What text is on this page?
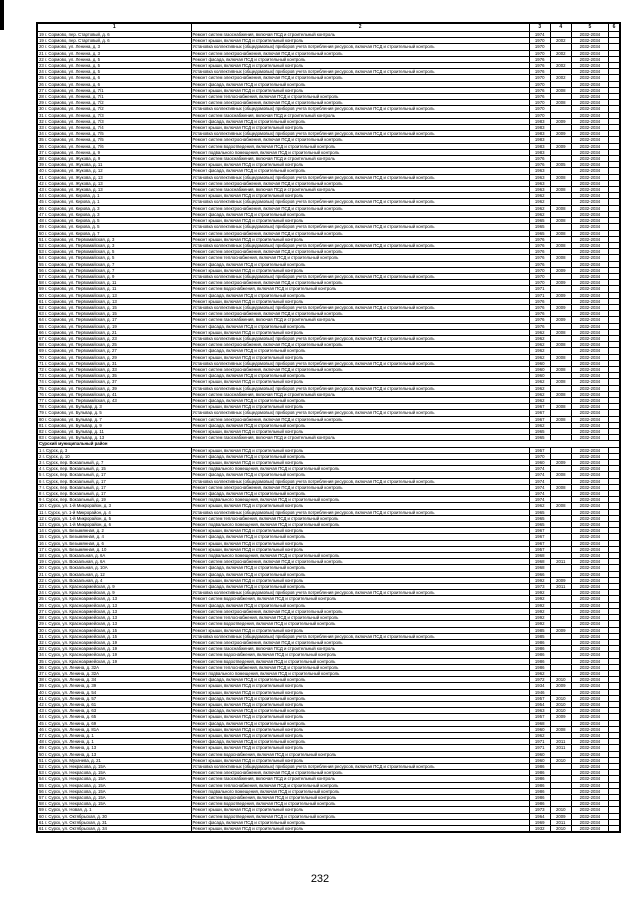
1	2	3	4	5	6
19 г. Сормово, пер. Стартовый, д. 6	Ремонт систем газоснабжения, включая ПСД и строительный контроль	1974		2032-2034	
19 г. Сормово, пер. Стартовый, д. 6	Ремонт крыши, включая ПСД и строительный контроль	1970	2002	2032-2034	
20 г. Сормово, ул. Ленина, д. 3	Установка коллективных (общедомовых) приборов учета потребления ресурсов, включая ПСД и строительный контроль	1970		2032-2034	
21 г. Сормово, ул. Ленина, д. 3	Ремонт систем электроснабжения, включая ПСД и строительный контроль	1970	2002	2032-2034	
22 г. Сормово, ул. Ленина, д. 5	Ремонт фасада, включая ПСД и строительный контроль	1976		2032-2034	
23 г. Сормово, ул. Ленина, д. 5	Ремонт крыши, включая ПСД и строительный контроль	1976	2002	2032-2034	
24 г. Сормово, ул. Ленина, д. 5	Установка коллективных (общедомовых) приборов учета потребления ресурсов, включая ПСД и строительный контроль	1976		2032-2034	
25 г. Сормово, ул. Ленина, д. 6	Ремонт систем электроснабжения, включая ПСД и строительный контроль	1970	2002	2032-2034	
26 г. Сормово, ул. Ленина, д. 6	Ремонт фасада, включая ПСД и строительный контроль	1970		2032-2034	
27 г. Сормово, ул. Ленина, д. 7/1	Ремонт крыши, включая ПСД и строительный контроль	1976	2008	2032-2034	
28 г. Сормово, ул. Ленина, д. 7/1	Ремонт систем теплоснабжения, включая ПСД и строительный контроль	1976		2032-2034	
29 г. Сормово, ул. Ленина, д. 7/2	Ремонт систем электроснабжения, включая ПСД и строительный контроль	1970	2008	2032-2034	
30 г. Сормово, ул. Ленина, д. 7/2	Установка коллективных (общедомовых) приборов учета потребления ресурсов, включая ПСД и строительный контроль	1970		2032-2034	
31 г. Сормово, ул. Ленина, д. 7/3	Ремонт систем газоснабжения, включая ПСД и строительный контроль	1970		2032-2034	
32 г. Сормово, ул. Ленина, д. 7/3	Ремонт фасада, включая ПСД и строительный контроль	1983	2009	2032-2034	
33 г. Сормово, ул. Ленина, д. 7/4	Ремонт крыши, включая ПСД и строительный контроль	1983		2032-2034	
34 г. Сормово, ул. Ленина, д. 7/5	Установка коллективных (общедомовых) приборов учета потребления ресурсов, включая ПСД и строительный контроль	1983	2009	2032-2034	
35 г. Сормово, ул. Ленина, д. 7/5	Ремонт систем электроснабжения, включая ПСД и строительный контроль	1983		2032-2034	
36 г. Сормово, ул. Ленина, д. 7/6	Ремонт систем водоотведения, включая ПСД и строительный контроль	1983	2009	2032-2034	
37 г. Сормово, ул. Ленина, д. 9	Ремонт подвального помещения, включая ПСД и строительный контроль	1983		2032-2034	
38 г. Сормово, ул. Жукова, д. 9	Ремонт систем газоснабжения, включая ПСД и строительный контроль	1976		2032-2034	
39 г. Сормово, ул. Жукова, д. 11	Ремонт крыши, включая ПСД и строительный контроль	1976	2005	2032-2034	
40 г. Сормово, ул. Жукова, д. 12	Ремонт фасада, включая ПСД и строительный контроль	1963		2032-2034	
41 г. Сормово, ул. Жукова, д. 13	Установка коллективных (общедомовых) приборов учета потребления ресурсов, включая ПСД и строительный контроль	1963	2008	2032-2034	
42 г. Сормово, ул. Жукова, д. 13	Ремонт систем электроснабжения, включая ПСД и строительный контроль	1963		2032-2034	
43 г. Сормово, ул. Жукова, д. 13	Ремонт систем газоснабжения, включая ПСД и строительный контроль	1963	2008	2032-2034	
44 г. Сормово, ул. Кирова, д. 1	Ремонт крыши, включая ПСД и строительный контроль	1962		2032-2034	
45 г. Сормово, ул. Кирова, д. 1	Установка коллективных (общедомовых) приборов учета потребления ресурсов, включая ПСД и строительный контроль	1962		2032-2034	
46 г. Сормово, ул. Кирова, д. 3	Ремонт систем электроснабжения, включая ПСД и строительный контроль	1962	2008	2032-2034	
47 г. Сормово, ул. Кирова, д. 3	Ремонт фасада, включая ПСД и строительный контроль	1962		2032-2034	
48 г. Сормово, ул. Кирова, д. 5	Ремонт крыши, включая ПСД и строительный контроль	1965	2008	2032-2034	
49 г. Сормово, ул. Кирова, д. 5	Установка коллективных (общедомовых) приборов учета потребления ресурсов, включая ПСД и строительный контроль	1965		2032-2034	
50 г. Сормово, ул. Кирова, д. 7	Ремонт систем электроснабжения, включая ПСД и строительный контроль	1965	2008	2032-2034	
51 г. Сормово, ул. Первомайская, д. 3	Ремонт крыши, включая ПСД и строительный контроль	1976		2032-2034	
52 г. Сормово, ул. Первомайская, д. 3	Установка коллективных (общедомовых) приборов учета потребления ресурсов, включая ПСД и строительный контроль	1976	2008	2032-2034	
53 г. Сормово, ул. Первомайская, д. 5	Ремонт систем электроснабжения, включая ПСД и строительный контроль	1976		2032-2034	
54 г. Сормово, ул. Первомайская, д. 5	Ремонт систем теплоснабжения, включая ПСД и строительный контроль	1976	2008	2032-2034	
55 г. Сормово, ул. Первомайская, д. 7	Ремонт фасада, включая ПСД и строительный контроль	1976		2032-2034	
56 г. Сормово, ул. Первомайская, д. 7	Ремонт крыши, включая ПСД и строительный контроль	1970	2009	2032-2034	
57 г. Сормово, ул. Первомайская, д. 9	Установка коллективных (общедомовых) приборов учета потребления ресурсов, включая ПСД и строительный контроль	1970		2032-2034	
58 г. Сормово, ул. Первомайская, д. 11	Ремонт систем электроснабжения, включая ПСД и строительный контроль	1970	2009	2032-2034	
59 г. Сормово, ул. Первомайская, д. 11	Ремонт систем водоснабжения, включая ПСД и строительный контроль	1971		2032-2034	
60 г. Сормово, ул. Первомайская, д. 13	Ремонт фасада, включая ПСД и строительный контроль	1971	2009	2032-2034	
61 г. Сормово, ул. Первомайская, д. 13	Ремонт крыши, включая ПСД и строительный контроль	1976		2032-2034	
62 г. Сормово, ул. Первомайская, д. 15	Установка коллективных (общедомовых) приборов учета потребления ресурсов, включая ПСД и строительный контроль	1976	2009	2032-2034	
63 г. Сормово, ул. Первомайская, д. 15	Ремонт систем электроснабжения, включая ПСД и строительный контроль	1976		2032-2034	
64 г. Сормово, ул. Первомайская, д. 17	Ремонт систем газоснабжения, включая ПСД и строительный контроль	1976	2009	2032-2034	
65 г. Сормово, ул. Первомайская, д. 19	Ремонт фасада, включая ПСД и строительный контроль	1976		2032-2034	
66 г. Сормово, ул. Первомайская, д. 21	Ремонт крыши, включая ПСД и строительный контроль	1962	2008	2032-2034	
67 г. Сормово, ул. Первомайская, д. 23	Установка коллективных (общедомовых) приборов учета потребления ресурсов, включая ПСД и строительный контроль	1962		2032-2034	
68 г. Сормово, ул. Первомайская, д. 25	Ремонт систем электроснабжения, включая ПСД и строительный контроль	1962	2008	2032-2034	
69 г. Сормово, ул. Первомайская, д. 27	Ремонт фасада, включая ПСД и строительный контроль	1962		2032-2034	
70 г. Сормово, ул. Первомайская, д. 29	Ремонт крыши, включая ПСД и строительный контроль	1962	2008	2032-2034	
71 г. Сормово, ул. Первомайская, д. 31	Установка коллективных (общедомовых) приборов учета потребления ресурсов, включая ПСД и строительный контроль	1960		2032-2034	
72 г. Сормово, ул. Первомайская, д. 33	Ремонт систем электроснабжения, включая ПСД и строительный контроль	1960	2008	2032-2034	
73 г. Сормово, ул. Первомайская, д. 35	Ремонт фасада, включая ПСД и строительный контроль	1960		2032-2034	
74 г. Сормово, ул. Первомайская, д. 37	Ремонт крыши, включая ПСД и строительный контроль	1962	2008	2032-2034	
75 г. Сормово, ул. Первомайская, д. 39	Установка коллективных (общедомовых) приборов учета потребления ресурсов, включая ПСД и строительный контроль	1962		2032-2034	
76 г. Сормово, ул. Первомайская, д. 41	Ремонт систем газоснабжения, включая ПСД и строительный контроль	1962	2008	2032-2034	
77 г. Сормово, ул. Первомайская, д. 43	Ремонт фасада, включая ПСД и строительный контроль	1962		2032-2034	
78 г. Сормово, ул. Бульвар, д. 3	Ремонт крыши, включая ПСД и строительный контроль	1967	2008	2032-2034	
79 г. Сормово, ул. Бульвар, д. 5	Установка коллективных (общедомовых) приборов учета потребления ресурсов, включая ПСД и строительный контроль	1967		2032-2034	
80 г. Сормово, ул. Бульвар, д. 7	Ремонт систем электроснабжения, включая ПСД и строительный контроль	1967	2008	2032-2034	
81 г. Сормово, ул. Бульвар, д. 9	Ремонт фасада, включая ПСД и строительный контроль	1962		2032-2034	
82 г. Сормово, ул. Бульвар, д. 11	Ремонт крыши, включая ПСД и строительный контроль	1965		2032-2034	
83 г. Сормово, ул. Бульвар, д. 13	Ремонт систем газоснабжения, включая ПСД и строительный контроль	1965		2032-2034	
Сурский муниципальный район					
1 г. Сурск, д. 3	Ремонт крыши, включая ПСД и строительный контроль	1957		2032-2034	
2 г. Сурск, д. 10	Ремонт фасада, включая ПСД и строительный контроль	1970		2032-2034	
3 г. Сурск, пер. Вокзальный, д. 7	Ремонт крыши, включая ПСД и строительный контроль	1960	2009	2032-2034	
4 г. Сурск, пер. Вокзальный, д. 15	Ремонт подвального помещения, включая ПСД и строительный контроль	1974		2032-2034	
5 г. Сурск, пер. Вокзальный, д. 17	Ремонт фасада, включая ПСД и строительный контроль	1974	2008	2032-2034	
6 г. Сурск, пер. Вокзальный, д. 17	Установка коллективных (общедомовых) приборов учета потребления ресурсов, включая ПСД и строительный контроль	1974		2032-2034	
7 г. Сурск, пер. Вокзальный, д. 17	Ремонт систем электроснабжения, включая ПСД и строительный контроль	1974	2008	2032-2034	
8 г. Сурск, пер. Вокзальный, д. 17	Ремонт фасада, включая ПСД и строительный контроль	1974		2032-2034	
9 г. Сурск, пер. Вокзальный, д. 19	Ремонт подвального помещения, включая ПСД и строительный контроль	1974		2032-2034	
10 г. Сурск, ул. 1-й Микрорайон, д. 3	Ремонт крыши, включая ПСД и строительный контроль	1962	2008	2032-2034	
11 г. Сурск, ул. 1-й Микрорайон, д. 4	Установка коллективных (общедомовых) приборов учета потребления ресурсов, включая ПСД и строительный контроль	1965		2032-2034	
12 г. Сурск, ул. 1-й Микрорайон, д. 5	Ремонт систем теплоснабжения, включая ПСД и строительный контроль	1965		2032-2034	
13 г. Сурск, ул. 1-й Микрорайон, д. 6	Ремонт подвального помещения, включая ПСД и строительный контроль	1965		2032-2034	
14 г. Сурск, ул. Безымянная, д. 2	Ремонт крыши, включая ПСД и строительный контроль	1967		2032-2034	
15 г. Сурск, ул. Безымянная, д. 4	Ремонт фасада, включая ПСД и строительный контроль	1967		2032-2034	
16 г. Сурск, ул. Безымянная, д. 6	Ремонт крыши, включая ПСД и строительный контроль	1967		2032-2034	
17 г. Сурск, ул. Безымянная, д. 10	Ремонт крыши, включая ПСД и строительный контроль	1957		2032-2034	
18 г. Сурск, ул. Вокзальная, д. 6А	Ремонт подвального помещения, включая ПСД и строительный контроль	1968		2032-2034	
19 г. Сурск, ул. Вокзальная, д. 6А	Ремонт систем электроснабжения, включая ПСД и строительный контроль	1968	2011	2032-2034	
20 г. Сурск, ул. Вокзальная, д. 10А	Ремонт фасада, включая ПСД и строительный контроль	1968		2032-2034	
21 г. Сурск, ул. Вокзальная, д. 12	Ремонт фасада, включая ПСД и строительный контроль	1966		2032-2034	
22 г. Сурск, ул. Вокзальная, д. 4	Ремонт крыши, включая ПСД и строительный контроль	1992	2009	2032-2034	
23 г. Сурск, ул. Красноармейская, д. 9	Ремонт фасада, включая ПСД и строительный контроль	1973	2011	2032-2034	
24 г. Сурск, ул. Красноармейская, д. 9	Установка коллективных (общедомовых) приборов учета потребления ресурсов, включая ПСД и строительный контроль	1992		2032-2034	
25 г. Сурск, ул. Красноармейская, д. 13	Ремонт систем водоснабжения, включая ПСД и строительный контроль	1992		2032-2034	
26 г. Сурск, ул. Красноармейская, д. 13	Ремонт фасада, включая ПСД и строительный контроль	1992		2032-2034	
27 г. Сурск, ул. Красноармейская, д. 13	Ремонт систем электроснабжения, включая ПСД и строительный контроль	1992		2032-2034	
28 г. Сурск, ул. Красноармейская, д. 13	Ремонт систем теплоснабжения, включая ПСД и строительный контроль	1992		2032-2034	
29 г. Сурск, ул. Красноармейская, д. 13	Ремонт систем водоотведения, включая ПСД и строительный контроль	1992		2032-2034	
30 г. Сурск, ул. Красноармейская, д. 15	Ремонт крыши, включая ПСД и строительный контроль	1985	2009	2032-2034	
31 г. Сурск, ул. Красноармейская, д. 15	Установка коллективных (общедомовых) приборов учета потребления ресурсов, включая ПСД и строительный контроль	1985		2032-2034	
32 г. Сурск, ул. Красноармейская, д. 19	Ремонт систем электроснабжения, включая ПСД и строительный контроль	1986		2032-2034	
33 г. Сурск, ул. Красноармейская, д. 19	Ремонт систем газоснабжения, включая ПСД и строительный контроль	1986		2032-2034	
34 г. Сурск, ул. Красноармейская, д. 19	Ремонт систем водоснабжения, включая ПСД и строительный контроль	1986		2032-2034	
35 г. Сурск, ул. Красноармейская, д. 19	Ремонт систем водоотведения, включая ПСД и строительный контроль	1986		2032-2034	
36 г. Сурск, ул. Ленина, д. 32А	Ремонт систем теплоснабжения, включая ПСД и строительный контроль	1986		2032-2034	
37 г. Сурск, ул. Ленина, д. 32А	Ремонт подвального помещения, включая ПСД и строительный контроль	1962		2032-2034	
38 г. Сурск, ул. Ленина, д. 34	Ремонт фасада, включая ПСД и строительный контроль	1972	2010	2032-2034	
39 г. Сурск, ул. Ленина, д. 39	Ремонт крыши, включая ПСД и строительный контроль	1934	2009	2032-2034	
40 г. Сурск, ул. Ленина, д. 54	Ремонт крыши, включая ПСД и строительный контроль	1946		2032-2034	
41 г. Сурск, ул. Ленина, д. 57	Ремонт фасада, включая ПСД и строительный контроль	1957	2010	2032-2034	
42 г. Сурск, ул. Ленина, д. 61	Ремонт крыши, включая ПСД и строительный контроль	1954	2010	2032-2034	
43 г. Сурск, ул. Ленина, д. 63	Ремонт фасада, включая ПСД и строительный контроль	1963	2010	2032-2034	
44 г. Сурск, ул. Ленина, д. 65	Ремонт крыши, включая ПСД и строительный контроль	1957	2009	2032-2034	
45 г. Сурск, ул. Ленина, д. 69	Ремонт фасада, включая ПСД и строительный контроль	1968		2032-2034	
46 г. Сурск, ул. Ленина, д. 81А	Ремонт крыши, включая ПСД и строительный контроль	1960	2008	2032-2034	
47 г. Сурск, ул. Ленина, д. 1	Ремонт крыши, включая ПСД и строительный контроль	1962		2032-2034	
48 г. Сурск, ул. Ленина, д. 1	Ремонт фасада, включая ПСД и строительный контроль	1971	2011	2032-2034	
49 г. Сурск, ул. Ленина, д. 13	Ремонт крыши, включая ПСД и строительный контроль	1971	2011	2032-2034	
50 г. Сурск, ул. Ленина, д. 13	Ремонт систем водоснабжения, включая ПСД и строительный контроль	1960		2032-2034	
51 г. Сурск, ул. Мухачева, д. 21	Ремонт крыши, включая ПСД и строительный контроль	1960	2010	2032-2034	
52 г. Сурск, ул. Некрасова, д. 15А	Установка коллективных (общедомовых) приборов учета потребления ресурсов, включая ПСД и строительный контроль	1986		2032-2034	
53 г. Сурск, ул. Некрасова, д. 15А	Ремонт систем электроснабжения, включая ПСД и строительный контроль	1986		2032-2034	
54 г. Сурск, ул. Некрасова, д. 15А	Ремонт систем газоснабжения, включая ПСД и строительный контроль	1986		2032-2034	
55 г. Сурск, ул. Некрасова, д. 15А	Ремонт систем теплоснабжения, включая ПСД и строительный контроль	1986		2032-2034	
56 г. Сурск, ул. Некрасова, д. 15А	Ремонт подвального помещения, включая ПСД и строительный контроль	1986		2032-2034	
57 г. Сурск, ул. Некрасова, д. 15А	Ремонт систем водоснабжения, включая ПСД и строительный контроль	1986		2032-2034	
58 г. Сурск, ул. Некрасова, д. 15А	Ремонт систем водоотведения, включая ПСД и строительный контроль	1986		2032-2034	
59 г. Сурск, ул. Новая, д. 1	Ремонт крыши, включая ПСД и строительный контроль	1973	2010	2032-2034	
60 г. Сурск, ул. Октябрьская, д. 30	Ремонт систем водоотведения, включая ПСД и строительный контроль	1964	2009	2032-2034	
61 г. Сурск, ул. Октябрьская, д. 31	Ремонт фасада, включая ПСД и строительный контроль	1969	2011	2032-2034	
61 г. Сурск, ул. Октябрьская, д. 34	Ремонт крыши, включая ПСД и строительный контроль	1932	2010	2032-2034	
232
